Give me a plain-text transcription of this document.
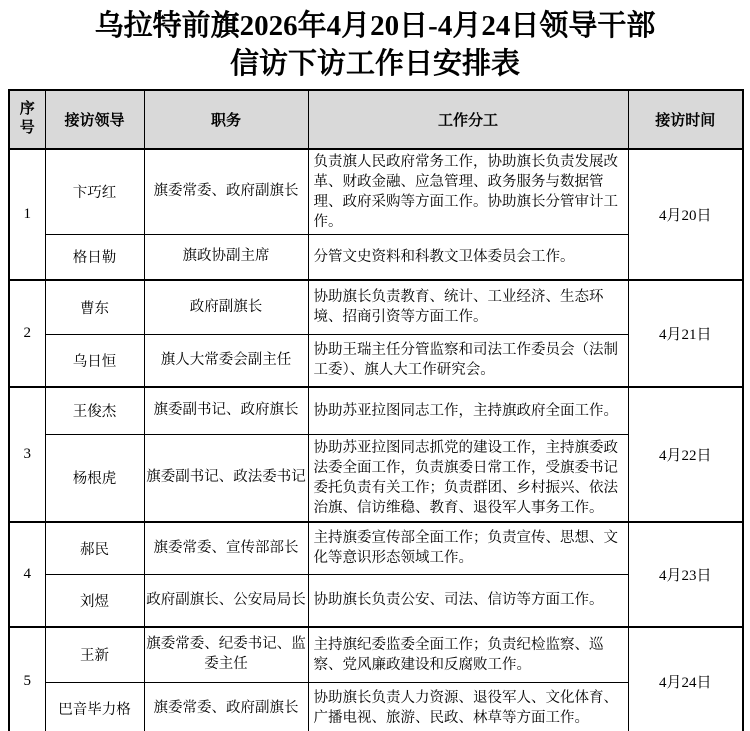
乌拉特前旗2026年4月20日-4月24日领导干部
信访下访工作日安排表
序号	接访领导	职务	工作分工	接访时间
1	卞巧红	旗委常委、政府副旗长	负责旗人民政府常务工作，协助旗长负责发展改革、财政金融、应急管理、政务服务与数据管理、政府采购等方面工作。协助旗长分管审计工作。	4月20日
	格日勒	旗政协副主席	分管文史资料和科教文卫体委员会工作。	
2	曹东	政府副旗长	协助旗长负责教育、统计、工业经济、生态环境、招商引资等方面工作。	4月21日
	乌日恒	旗人大常委会副主任	协助王瑞主任分管监察和司法工作委员会（法制工委）、旗人大工作研究会。	
3	王俊杰	旗委副书记、政府旗长	协助苏亚拉图同志工作，主持旗政府全面工作。	4月22日
	杨根虎	旗委副书记、政法委书记	协助苏亚拉图同志抓党的建设工作，主持旗委政法委全面工作，负责旗委日常工作，受旗委书记委托负责有关工作；负责群团、乡村振兴、依法治旗、信访维稳、教育、退役军人事务工作。	
4	郝民	旗委常委、宣传部部长	主持旗委宣传部全面工作；负责宣传、思想、文化等意识形态领域工作。	4月23日
	刘煜	政府副旗长、公安局局长	协助旗长负责公安、司法、信访等方面工作。	
5	王新	旗委常委、纪委书记、监委主任	主持旗纪委监委全面工作；负责纪检监察、巡察、党风廉政建设和反腐败工作。	4月24日
	巴音毕力格	旗委常委、政府副旗长	协助旗长负责人力资源、退役军人、文化体育、广播电视、旅游、民政、林草等方面工作。	
